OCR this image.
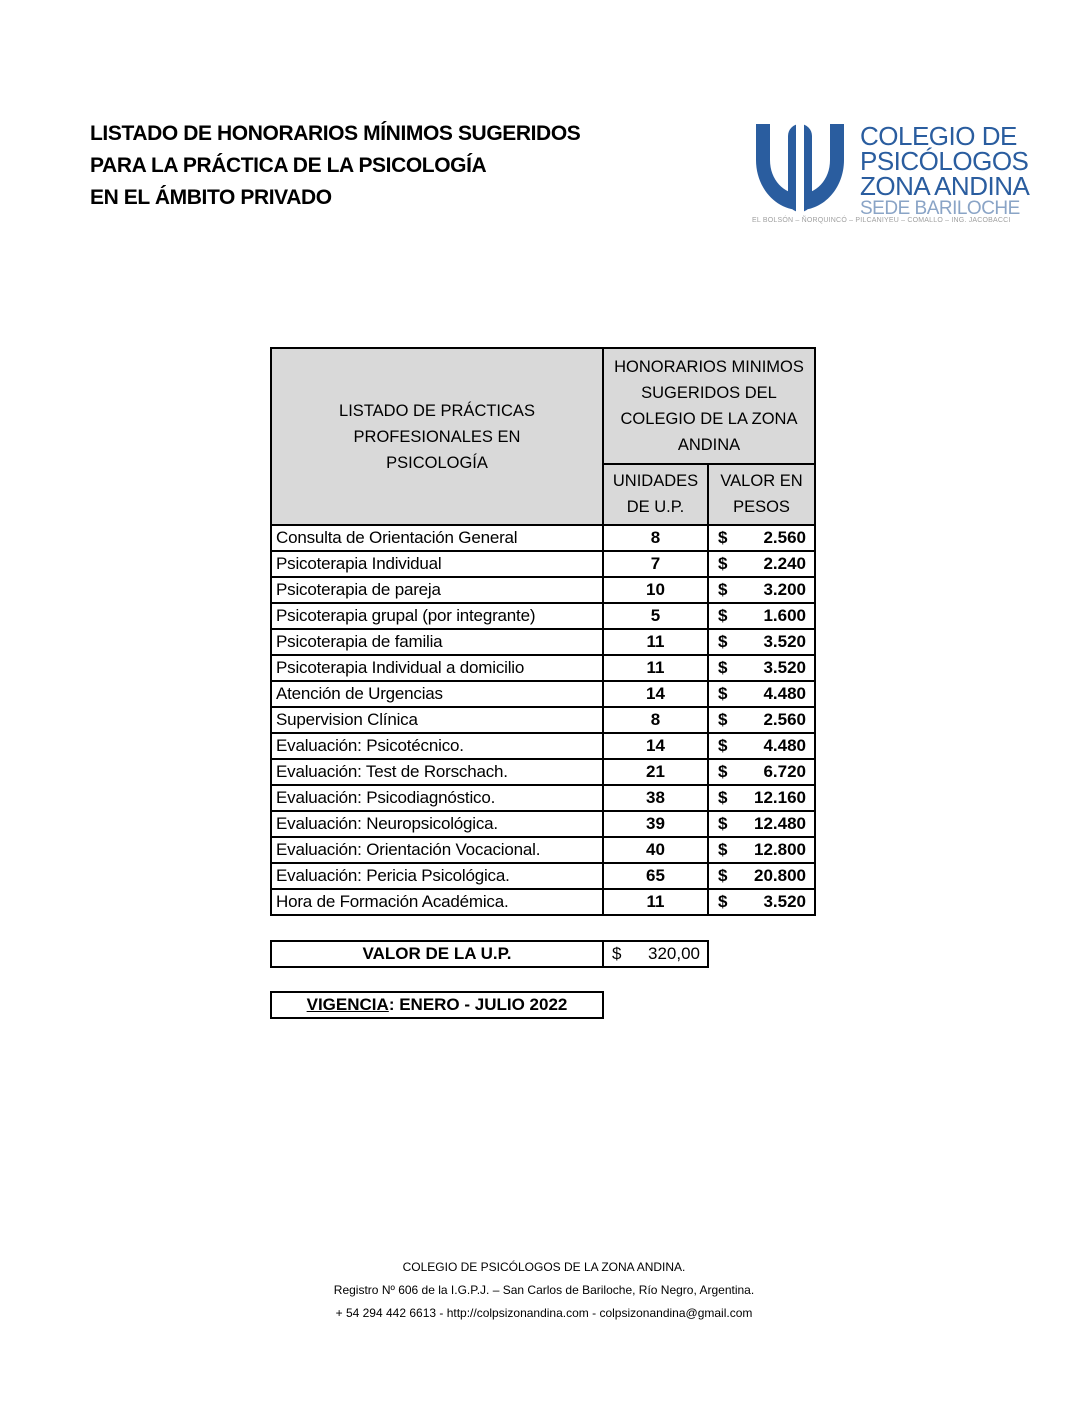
LISTADO DE HONORARIOS MÍNIMOS SUGERIDOS
PARA LA PRÁCTICA DE LA PSICOLOGÍA
EN EL ÁMBITO PRIVADO
COLEGIO DE
PSICÓLOGOS
ZONA ANDINA
SEDE BARILOCHE
EL BOLSÓN – ÑORQUINCÓ – PILCANIYEU – COMALLO – ING. JACOBACCI
LISTADO DE PRÁCTICAS PROFESIONALES EN PSICOLOGÍA	HONORARIOS MINIMOS SUGERIDOS DEL COLEGIO DE LA ZONA ANDINA	

	UNIDADES DE U.P.	VALOR EN PESOS

Consulta de Orientación General	8	$ 2.560

Psicoterapia Individual	7	$ 2.240

Psicoterapia de pareja	10	$ 3.200

Psicoterapia grupal (por integrante)	5	$ 1.600

Psicoterapia de familia	11	$ 3.520

Psicoterapia Individual a domicilio	11	$ 3.520

Atención de Urgencias	14	$ 4.480

Supervision Clínica	8	$ 2.560

Evaluación: Psicotécnico.	14	$ 4.480

Evaluación: Test de Rorschach.	21	$ 6.720

Evaluación: Psicodiagnóstico.	38	$ 12.160

Evaluación: Neuropsicológica.	39	$ 12.480

Evaluación: Orientación Vocacional.	40	$ 12.800

Evaluación: Pericia Psicológica.	65	$ 20.800

Hora de Formación Académica.	11	$ 3.520
VALOR DE LA U.P.	$ 320,00
VIGENCIA: ENERO - JULIO 2022
COLEGIO DE PSICÓLOGOS DE LA ZONA ANDINA.
Registro Nº 606 de la I.G.P.J. – San Carlos de Bariloche, Río Negro, Argentina.
+ 54 294 442 6613 - http://colpsizonandina.com - colpsizonandina@gmail.com
